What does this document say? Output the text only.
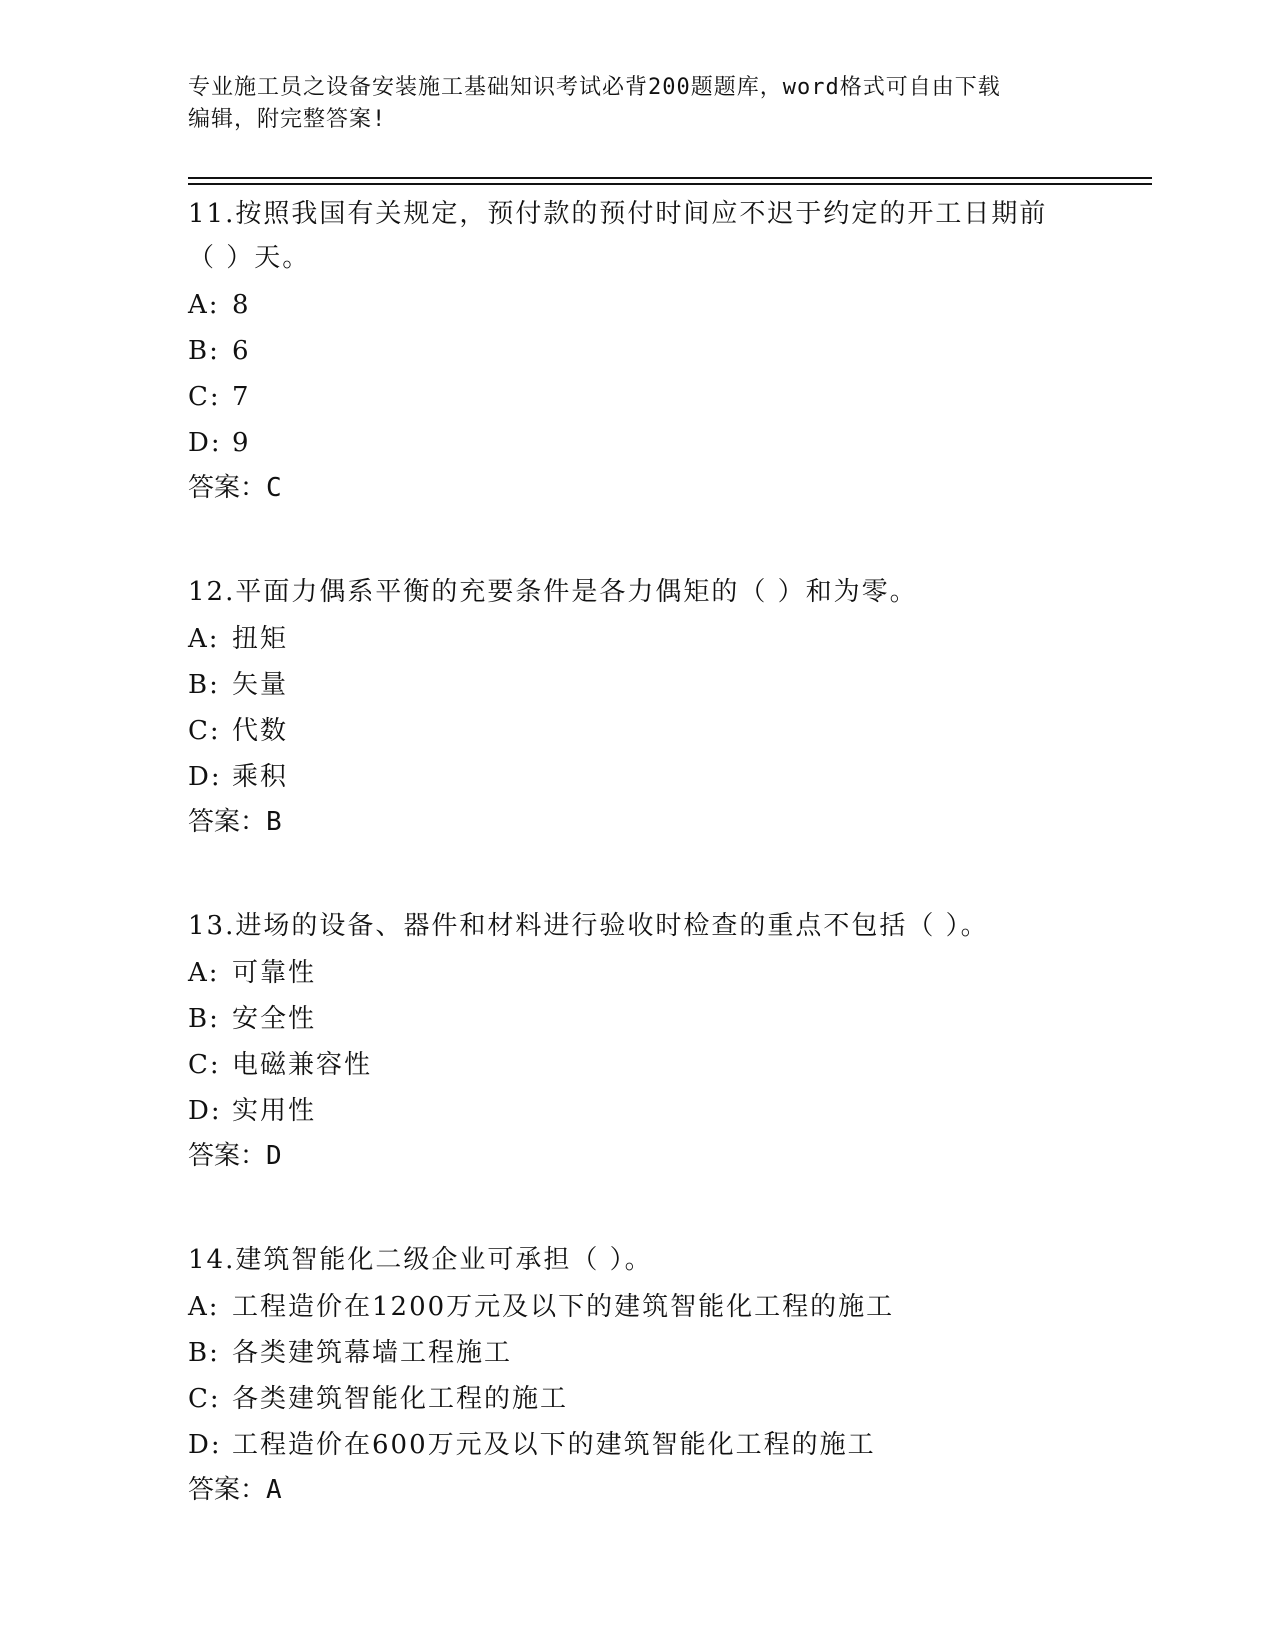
专业施工员之设备安装施工基础知识考试必背200题题库，word格式可自由下载
编辑，附完整答案!
11.按照我国有关规定，预付款的预付时间应不迟于约定的开工日期前
（ ）天。
A: 8
B: 6
C: 7
D: 9
答案：C
12.平面力偶系平衡的充要条件是各力偶矩的（ ）和为零。
A: 扭矩
B: 矢量
C: 代数
D: 乘积
答案：B
13.进场的设备、器件和材料进行验收时检查的重点不包括（ ）。
A: 可靠性
B: 安全性
C: 电磁兼容性
D: 实用性
答案：D
14.建筑智能化二级企业可承担（ ）。
A: 工程造价在1200万元及以下的建筑智能化工程的施工
B: 各类建筑幕墙工程施工
C: 各类建筑智能化工程的施工
D: 工程造价在600万元及以下的建筑智能化工程的施工
答案：A
